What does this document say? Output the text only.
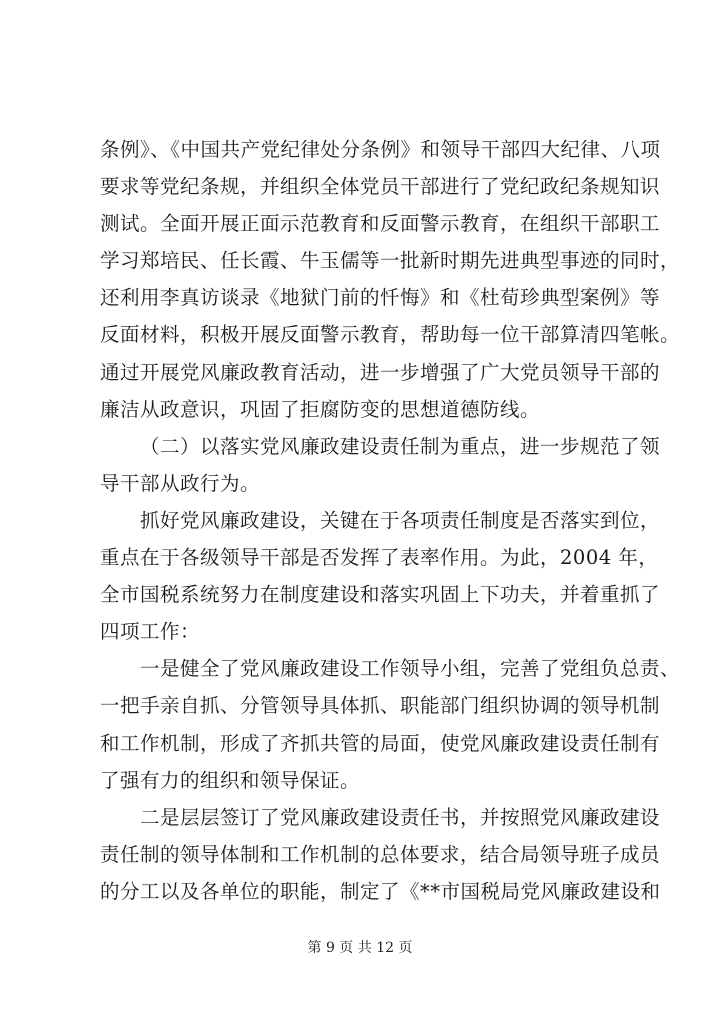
条例》、《中国共产党纪律处分条例》和领导干部四大纪律、八项
要求等党纪条规，并组织全体党员干部进行了党纪政纪条规知识
测试。全面开展正面示范教育和反面警示教育，在组织干部职工
学习郑培民、任长霞、牛玉儒等一批新时期先进典型事迹的同时，
还利用李真访谈录《地狱门前的忏悔》和《杜荀珍典型案例》等
反面材料，积极开展反面警示教育，帮助每一位干部算清四笔帐。
通过开展党风廉政教育活动，进一步增强了广大党员领导干部的
廉洁从政意识，巩固了拒腐防变的思想道德防线。
（二）以落实党风廉政建设责任制为重点，进一步规范了领
导干部从政行为。
抓好党风廉政建设，关键在于各项责任制度是否落实到位，
重点在于各级领导干部是否发挥了表率作用。为此，2004 年，
全市国税系统努力在制度建设和落实巩固上下功夫，并着重抓了
四项工作：
一是健全了党风廉政建设工作领导小组，完善了党组负总责、
一把手亲自抓、分管领导具体抓、职能部门组织协调的领导机制
和工作机制，形成了齐抓共管的局面，使党风廉政建设责任制有
了强有力的组织和领导保证。
二是层层签订了党风廉政建设责任书，并按照党风廉政建设
责任制的领导体制和工作机制的总体要求，结合局领导班子成员
的分工以及各单位的职能，制定了《**市国税局党风廉政建设和
第 9 页 共 12 页
